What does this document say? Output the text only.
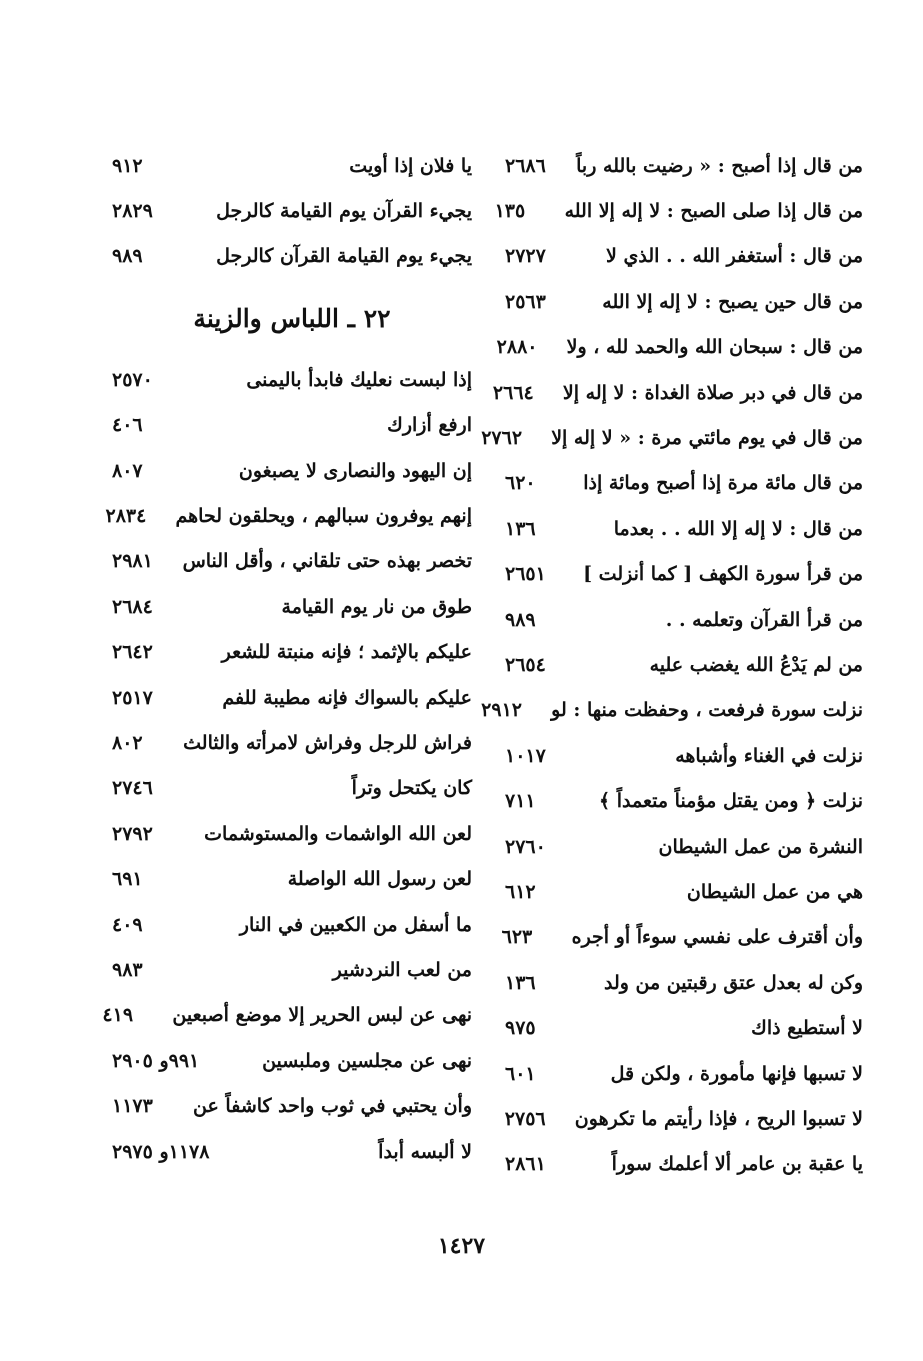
من قال إذا أصبح : « رضيت بالله رباً
٢٦٨٦
من قال إذا صلى الصبح : لا إله إلا الله
١٣٥
من قال : أستغفر الله . . الذي لا
٢٧٢٧
من قال حين يصبح : لا إله إلا الله
٢٥٦٣
من قال : سبحان الله والحمد لله ، ولا
٢٨٨٠
من قال في دبر صلاة الغداة : لا إله إلا
٢٦٦٤
من قال في يوم مائتي مرة : « لا إله إلا
٢٧٦٢
من قال مائة مرة إذا أصبح ومائة إذا
٦٢٠
من قال : لا إله إلا الله . . بعدما
١٣٦
من قرأ سورة الكهف [ كما أنزلت ]
٢٦٥١
من قرأ القرآن وتعلمه . .
٩٨٩
من لم يَدْعُ الله يغضب عليه
٢٦٥٤
نزلت سورة فرفعت ، وحفظت منها : لو
٢٩١٢
نزلت في الغناء وأشباهه
١٠١٧
نزلت ﴿ ومن يقتل مؤمناً متعمداً ﴾
٧١١
النشرة من عمل الشيطان
٢٧٦٠
هي من عمل الشيطان
٦١٢
وأن أقترف على نفسي سوءاً أو أجره
٦٢٣
وكن له بعدل عتق رقبتين من ولد
١٣٦
لا أستطيع ذاك
٩٧٥
لا تسبها فإنها مأمورة ، ولكن قل
٦٠١
لا تسبوا الريح ، فإذا رأيتم ما تكرهون
٢٧٥٦
يا عقبة بن عامر ألا أعلمك سوراً
٢٨٦١
يا فلان إذا أويت
٩١٢
يجيء القرآن يوم القيامة كالرجل
٢٨٢٩
يجيء يوم القيامة القرآن كالرجل
٩٨٩
٢٢ ـ اللباس والزينة
إذا لبست نعليك فابدأ باليمنى
٢٥٧٠
ارفع أزارك
٤٠٦
إن اليهود والنصارى لا يصبغون
٨٠٧
إنهم يوفرون سبالهم ، ويحلقون لحاهم
٢٨٣٤
تخصر بهذه حتى تلقاني ، وأقل الناس
٢٩٨١
طوق من نار يوم القيامة
٢٦٨٤
عليكم بالإثمد ؛ فإنه منبتة للشعر
٢٦٤٢
عليكم بالسواك فإنه مطيبة للفم
٢٥١٧
فراش للرجل وفراش لامرأته والثالث
٨٠٢
كان يكتحل وتراً
٢٧٤٦
لعن الله الواشمات والمستوشمات
٢٧٩٢
لعن رسول الله الواصلة
٦٩١
ما أسفل من الكعبين في النار
٤٠٩
من لعب النردشير
٩٨٣
نهى عن لبس الحرير إلا موضع أصبعين
٤١٩
نهى عن مجلسين وملبسين
٩٩١و ٢٩٠٥
وأن يحتبي في ثوب واحد كاشفاً عن
١١٧٣
لا ألبسه أبداً
١١٧٨و ٢٩٧٥
١٤٢٧
